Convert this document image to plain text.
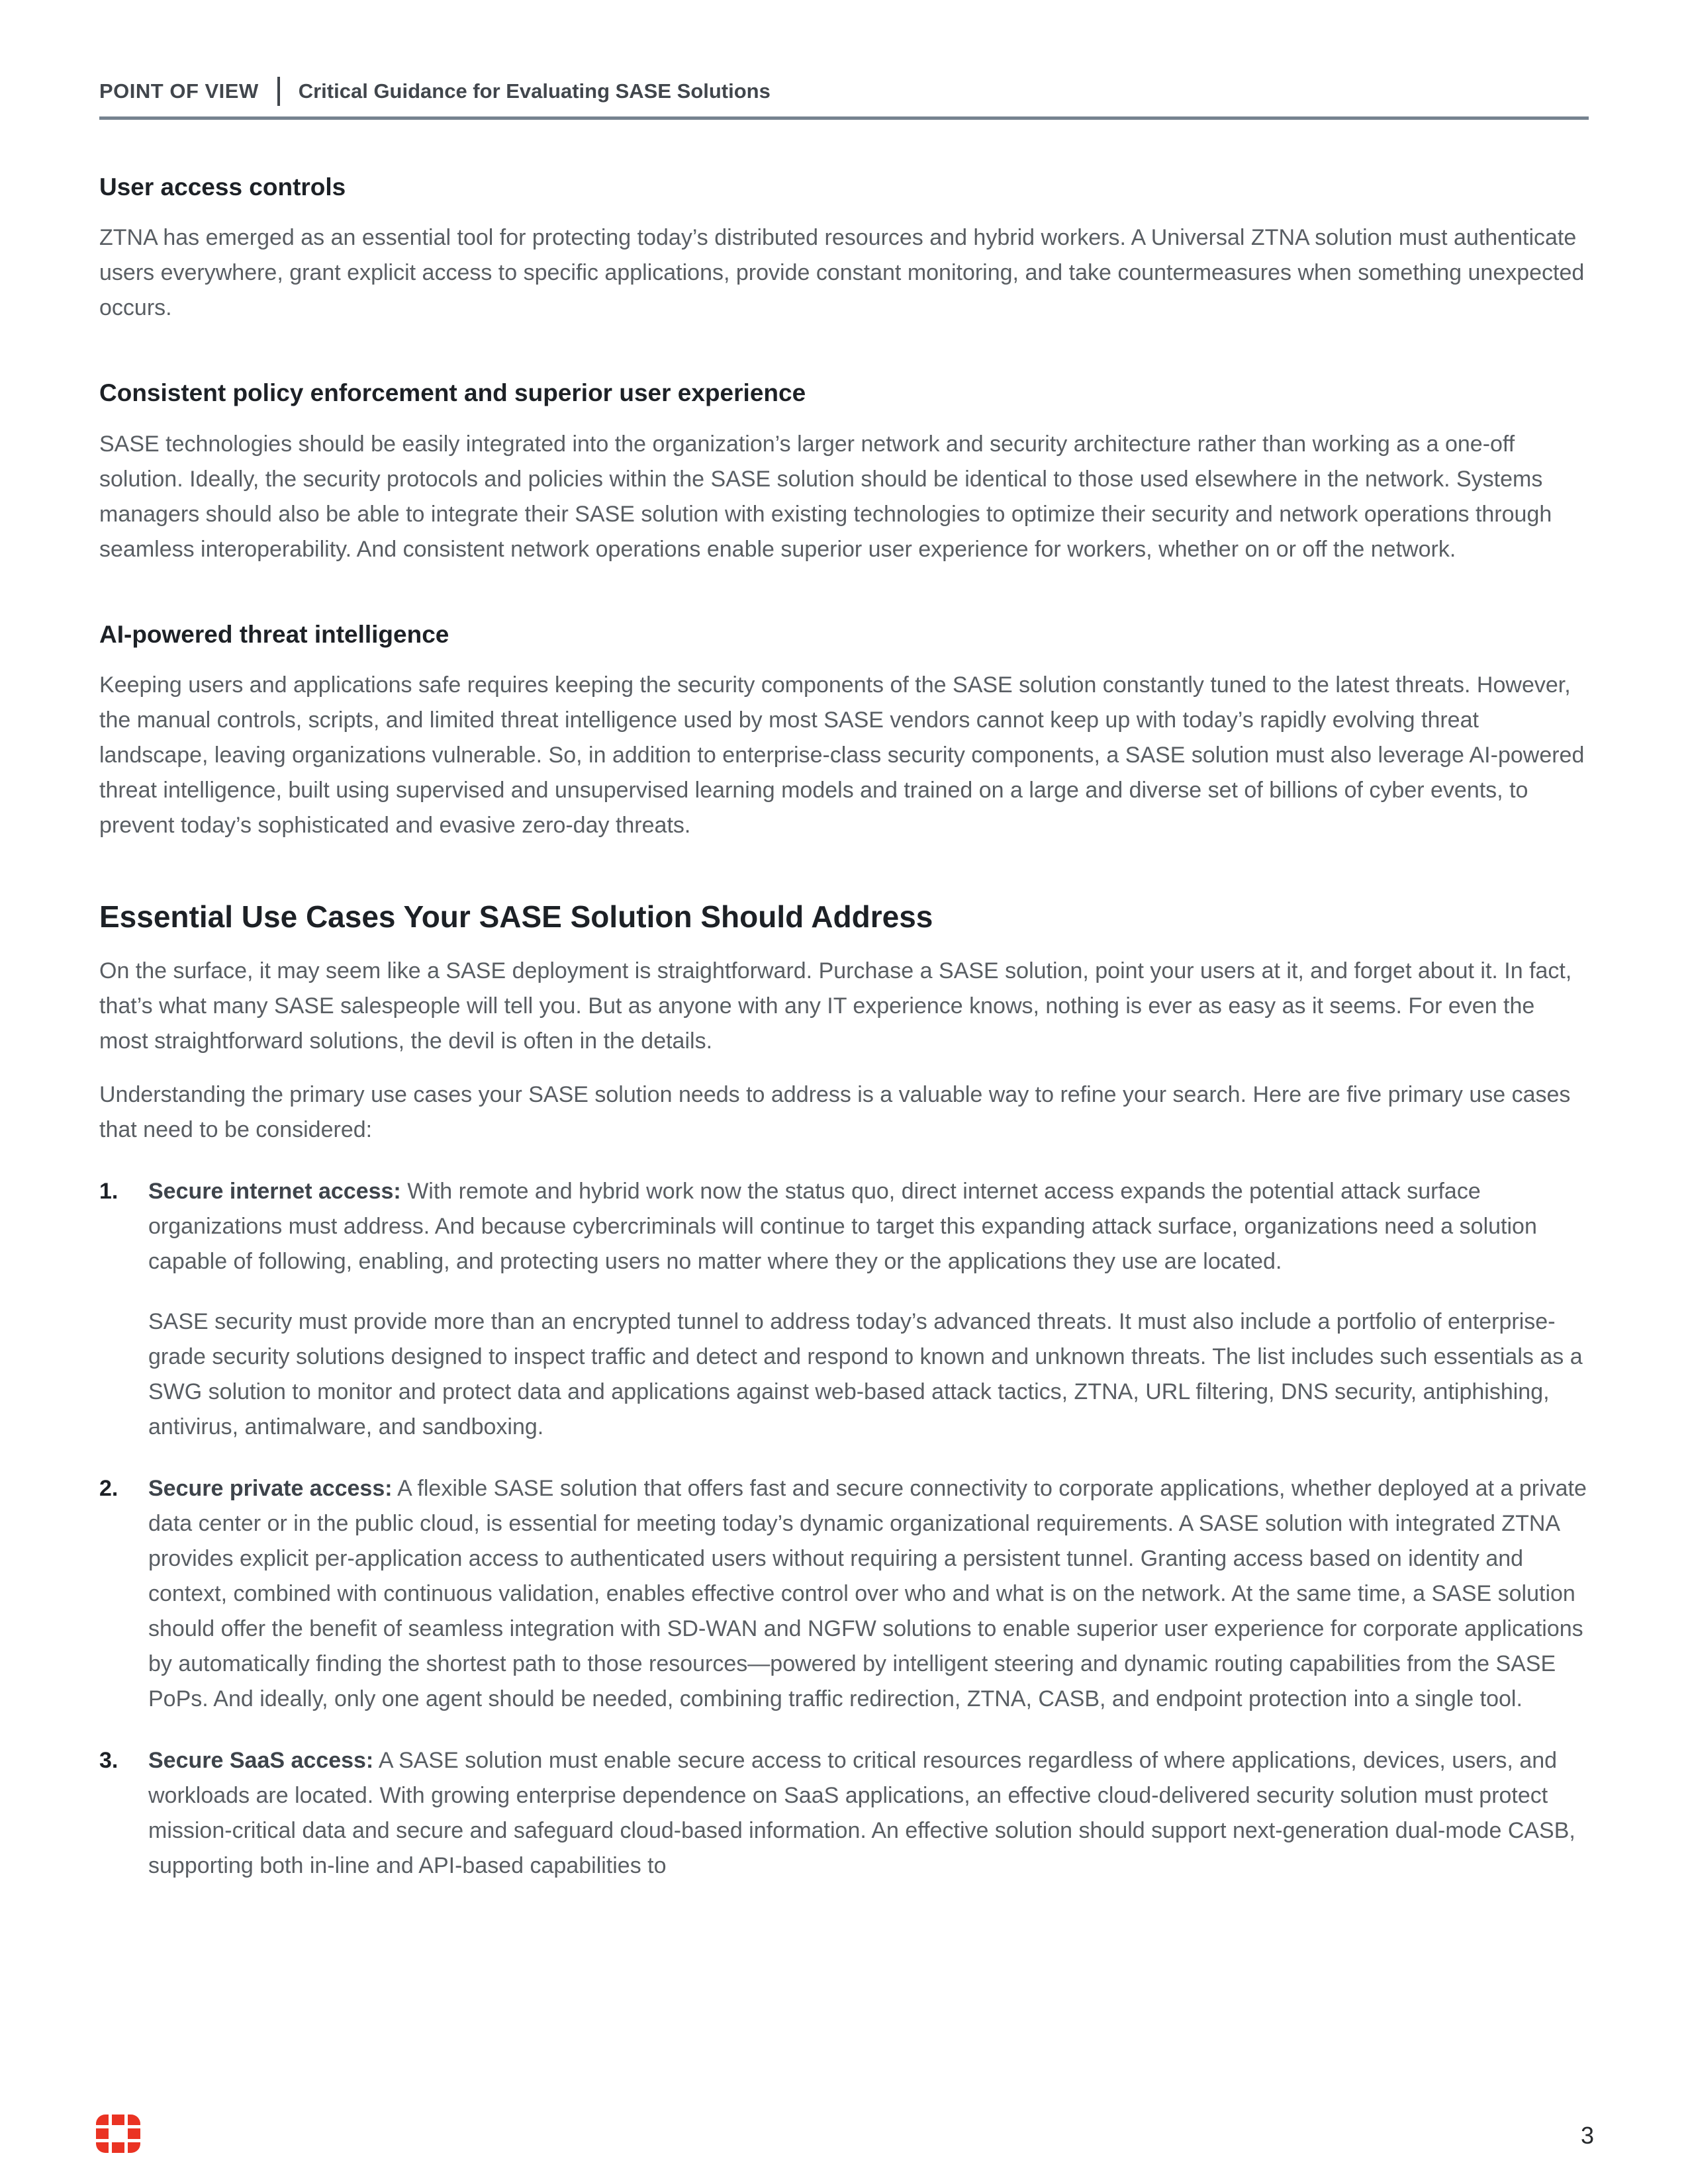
POINT OF VIEW Critical Guidance for Evaluating SASE Solutions
User access controls

ZTNA has emerged as an essential tool for protecting today’s distributed resources and hybrid workers. A Universal ZTNA solution must authenticate users everywhere, grant explicit access to specific applications, provide constant monitoring, and take countermeasures when something unexpected occurs.

Consistent policy enforcement and superior user experience

SASE technologies should be easily integrated into the organization’s larger network and security architecture rather than working as a one-off solution. Ideally, the security protocols and policies within the SASE solution should be identical to those used elsewhere in the network. Systems managers should also be able to integrate their SASE solution with existing technologies to optimize their security and network operations through seamless interoperability. And consistent network operations enable superior user experience for workers, whether on or off the network.

AI-powered threat intelligence

Keeping users and applications safe requires keeping the security components of the SASE solution constantly tuned to the latest threats. However, the manual controls, scripts, and limited threat intelligence used by most SASE vendors cannot keep up with today’s rapidly evolving threat landscape, leaving organizations vulnerable. So, in addition to enterprise-class security components, a SASE solution must also leverage AI-powered threat intelligence, built using supervised and unsupervised learning models and trained on a large and diverse set of billions of cyber events, to prevent today’s sophisticated and evasive zero-day threats.

Essential Use Cases Your SASE Solution Should Address

On the surface, it may seem like a SASE deployment is straightforward. Purchase a SASE solution, point your users at it, and forget about it. In fact, that’s what many SASE salespeople will tell you. But as anyone with any IT experience knows, nothing is ever as easy as it seems. For even the most straightforward solutions, the devil is often in the details.

Understanding the primary use cases your SASE solution needs to address is a valuable way to refine your search. Here are five primary use cases that need to be considered:

1.	Secure internet access: With remote and hybrid work now the status quo, direct internet access expands the potential attack surface organizations must address. And because cybercriminals will continue to target this expanding attack surface, organizations need a solution capable of following, enabling, and protecting users no matter where they or the applications they use are located.

SASE security must provide more than an encrypted tunnel to address today’s advanced threats. It must also include a portfolio of enterprise-grade security solutions designed to inspect traffic and detect and respond to known and unknown threats. The list includes such essentials as a SWG solution to monitor and protect data and applications against web-based attack tactics, ZTNA, URL filtering, DNS security, antiphishing, antivirus, antimalware, and sandboxing.

2.	Secure private access: A flexible SASE solution that offers fast and secure connectivity to corporate applications, whether deployed at a private data center or in the public cloud, is essential for meeting today’s dynamic organizational requirements. A SASE solution with integrated ZTNA provides explicit per-application access to authenticated users without requiring a persistent tunnel. Granting access based on identity and context, combined with continuous validation, enables effective control over who and what is on the network. At the same time, a SASE solution should offer the benefit of seamless integration with SD-WAN and NGFW solutions to enable superior user experience for corporate applications by automatically finding the shortest path to those resources—powered by intelligent steering and dynamic routing capabilities from the SASE PoPs. And ideally, only one agent should be needed, combining traffic redirection, ZTNA, CASB, and endpoint protection into a single tool.

3.	Secure SaaS access: A SASE solution must enable secure access to critical resources regardless of where applications, devices, users, and workloads are located. With growing enterprise dependence on SaaS applications, an effective cloud-delivered security solution must protect mission-critical data and secure and safeguard cloud-based information. An effective solution should support next-generation dual-mode CASB, supporting both in-line and API-based capabilities to

3
